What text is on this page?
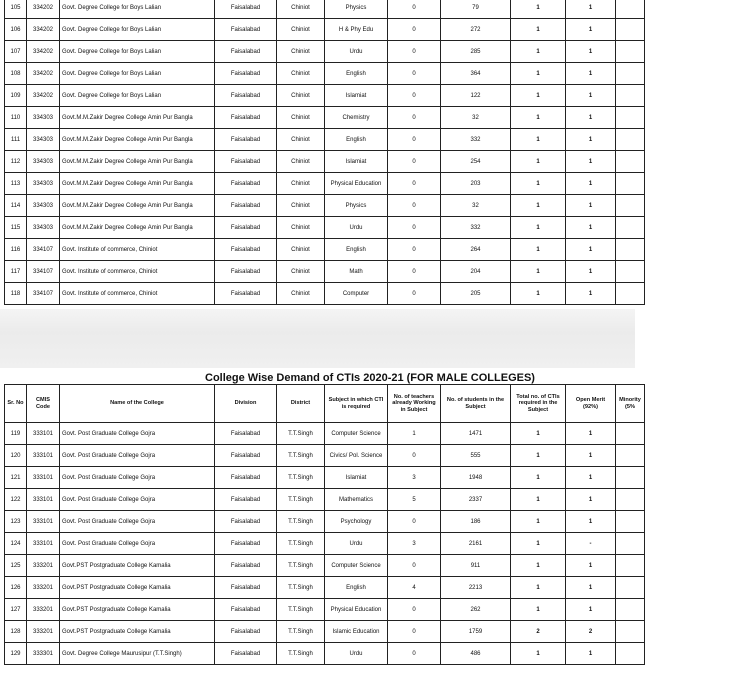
105	334202	Govt. Degree College for Boys Lalian	Faisalabad	Chiniot	Physics	0	79	1	1	
106	334202	Govt. Degree College for Boys Lalian	Faisalabad	Chiniot	H & Phy Edu	0	272	1	1	
107	334202	Govt. Degree College for Boys Lalian	Faisalabad	Chiniot	Urdu	0	285	1	1	
108	334202	Govt. Degree College for Boys Lalian	Faisalabad	Chiniot	English	0	364	1	1	
109	334202	Govt. Degree College for Boys Lalian	Faisalabad	Chiniot	Islamiat	0	122	1	1	
110	334303	Govt.M.M.Zakir Degree College Amin Pur Bangla	Faisalabad	Chiniot	Chemistry	0	32	1	1	
111	334303	Govt.M.M.Zakir Degree College Amin Pur Bangla	Faisalabad	Chiniot	English	0	332	1	1	
112	334303	Govt.M.M.Zakir Degree College Amin Pur Bangla	Faisalabad	Chiniot	Islamiat	0	254	1	1	
113	334303	Govt.M.M.Zakir Degree College Amin Pur Bangla	Faisalabad	Chiniot	Physical Education	0	203	1	1	
114	334303	Govt.M.M.Zakir Degree College Amin Pur Bangla	Faisalabad	Chiniot	Physics	0	32	1	1	
115	334303	Govt.M.M.Zakir Degree College Amin Pur Bangla	Faisalabad	Chiniot	Urdu	0	332	1	1	
116	334107	Govt. Institute of commerce, Chiniot	Faisalabad	Chiniot	English	0	264	1	1	
117	334107	Govt. Institute of commerce, Chiniot	Faisalabad	Chiniot	Math	0	204	1	1	
118	334107	Govt. Institute of commerce, Chiniot	Faisalabad	Chiniot	Computer	0	205	1	1	
College Wise Demand of CTIs 2020-21 (FOR MALE COLLEGES)
Sr. No	CMIS Code	Name of the College	Division	District	Subject in which CTI is required	No. of teachers already Working in Subject	No. of students in the Subject	Total no. of CTIs required in the Subject	Open Merit (92%)	Minority (5%
119	333101	Govt. Post Graduate College Gojra	Faisalabad	T.T.Singh	Computer Science	1	1471	1	1	
120	333101	Govt. Post Graduate College Gojra	Faisalabad	T.T.Singh	Civics/ Pol. Science	0	555	1	1	
121	333101	Govt. Post Graduate College Gojra	Faisalabad	T.T.Singh	Islamiat	3	1948	1	1	
122	333101	Govt. Post Graduate College Gojra	Faisalabad	T.T.Singh	Mathematics	5	2337	1	1	
123	333101	Govt. Post Graduate College Gojra	Faisalabad	T.T.Singh	Psychology	0	186	1	1	
124	333101	Govt. Post Graduate College Gojra	Faisalabad	T.T.Singh	Urdu	3	2161	1	-	
125	333201	Govt.PST Postgraduate College Kamalia	Faisalabad	T.T.Singh	Computer Science	0	911	1	1	
126	333201	Govt.PST Postgraduate College Kamalia	Faisalabad	T.T.Singh	English	4	2213	1	1	
127	333201	Govt.PST Postgraduate College Kamalia	Faisalabad	T.T.Singh	Physical Education	0	262	1	1	
128	333201	Govt.PST Postgraduate College Kamalia	Faisalabad	T.T.Singh	Islamic Education	0	1759	2	2	
129	333301	Govt. Degree College Maurusipur (T.T.Singh)	Faisalabad	T.T.Singh	Urdu	0	486	1	1	
